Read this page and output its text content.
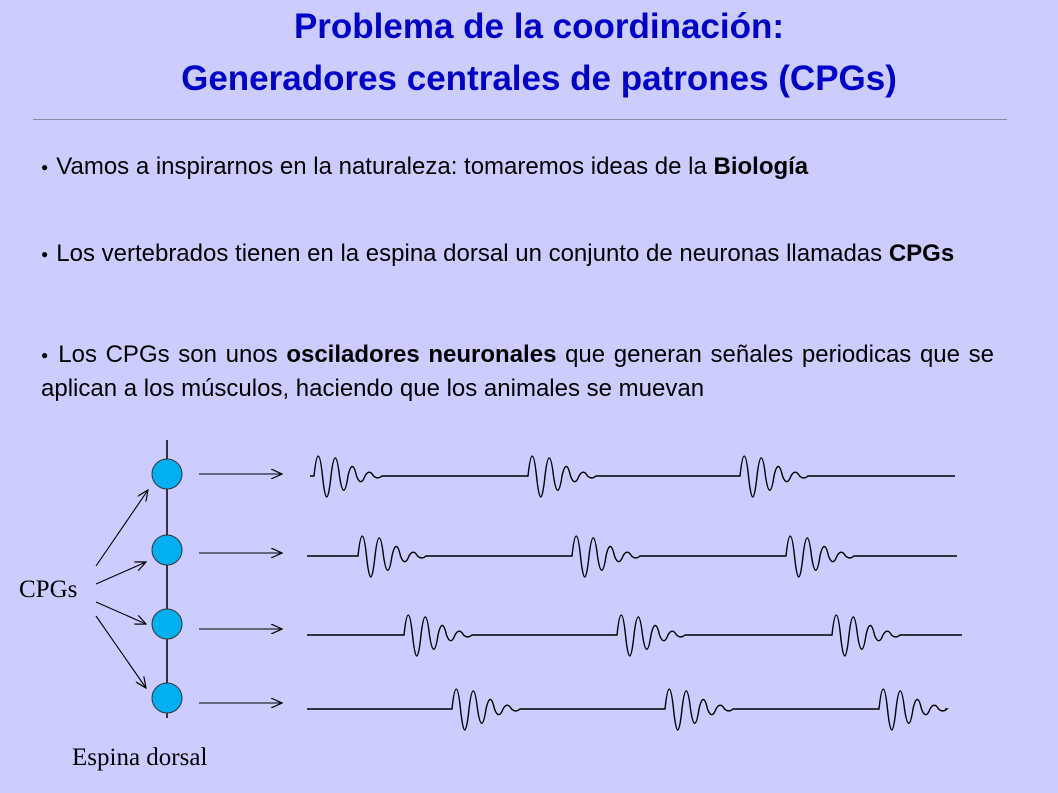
Problema de la coordinación:
Generadores centrales de patrones (CPGs)

● Vamos a inspirarnos en la naturaleza: tomaremos ideas de la Biología

● Los vertebrados tienen en la espina dorsal un conjunto de neuronas llamadas CPGs

● Los CPGs son unos osciladores neuronales que generan señales periodicas que se aplican a los músculos, haciendo que los animales se muevan

CPGs
Espina dorsal
